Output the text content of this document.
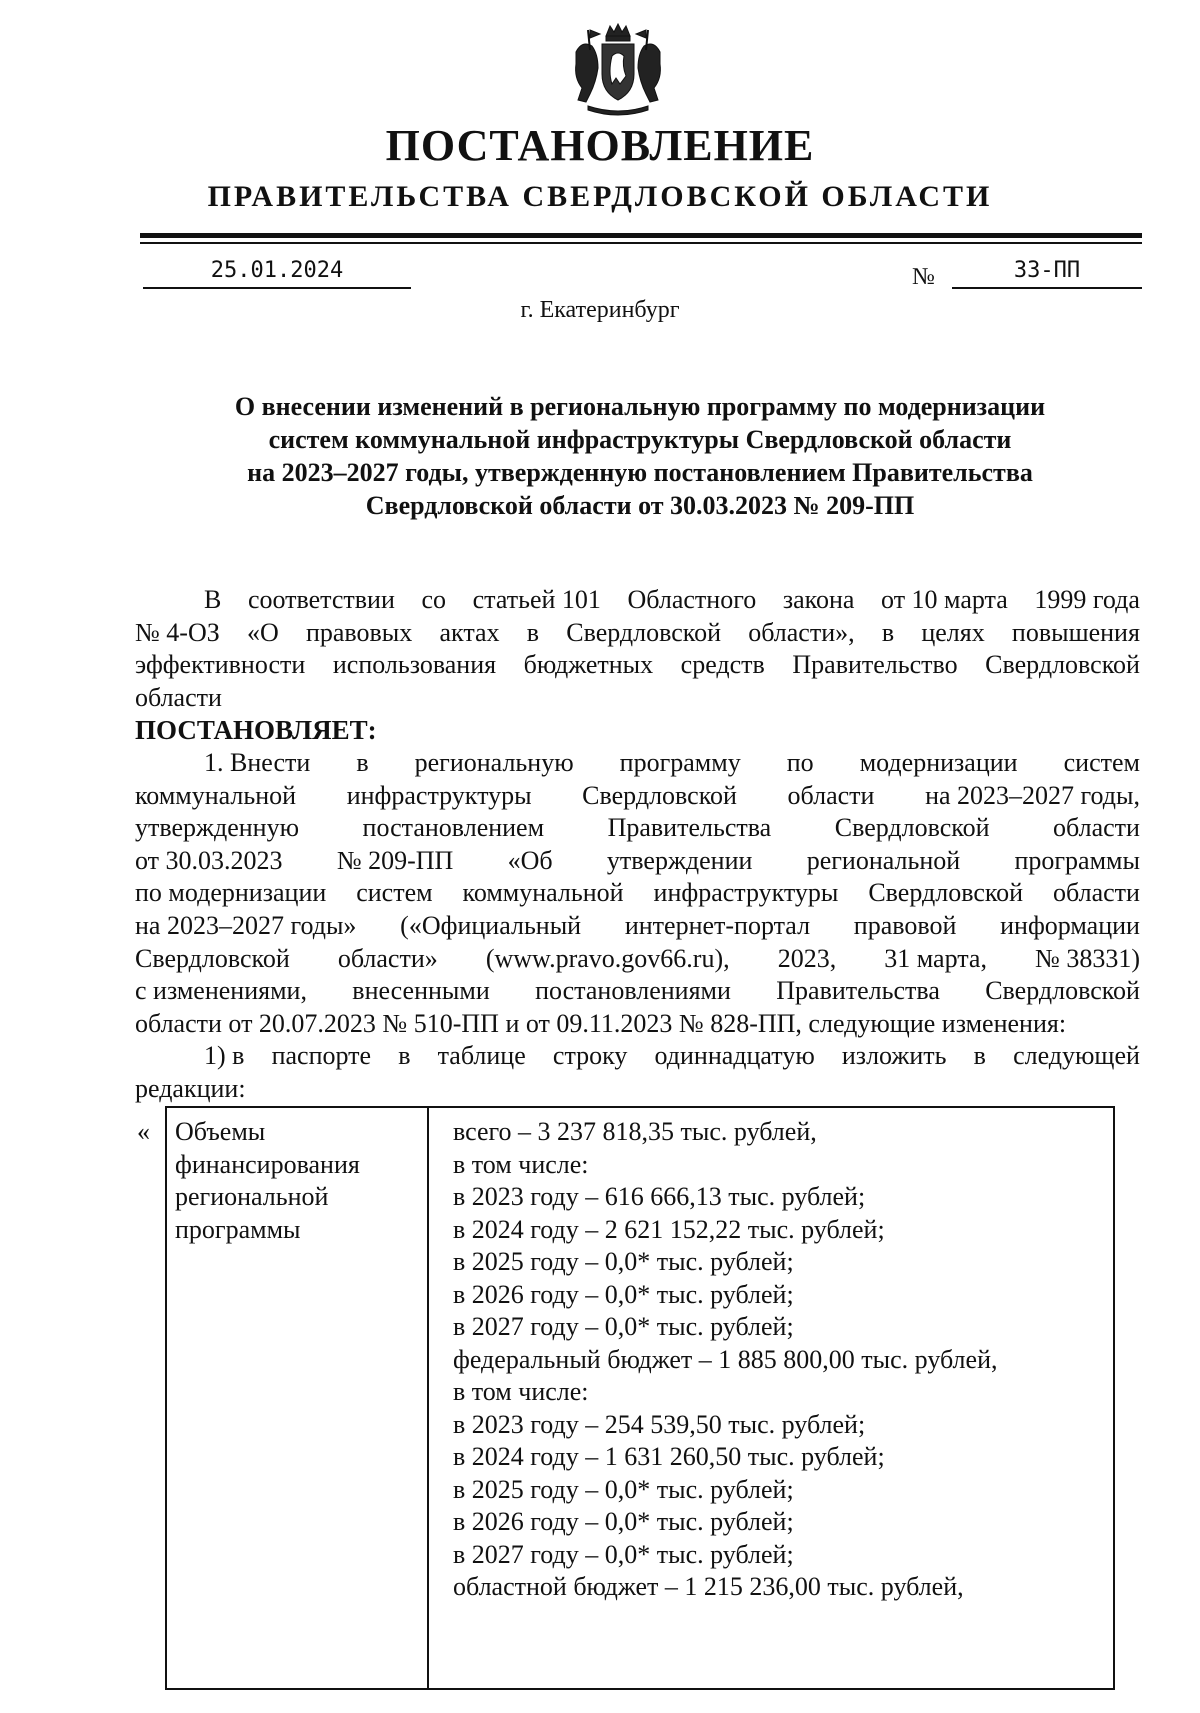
ПОСТАНОВЛЕНИЕ
ПРАВИТЕЛЬСТВА СВЕРДЛОВСКОЙ ОБЛАСТИ
25.01.2024	№	33-ПП
г. Екатеринбург
О внесении изменений в региональную программу по модернизации
систем коммунальной инфраструктуры Свердловской области
на 2023–2027 годы, утвержденную постановлением Правительства
Свердловской области от 30.03.2023 № 209-ПП
В соответствии со статьей 101 Областного закона от 10 марта 1999 года
№ 4-ОЗ «О правовых актах в Свердловской области», в целях повышения
эффективности использования бюджетных средств Правительство Свердловской
области
ПОСТАНОВЛЯЕТ:
1. Внести в региональную программу по модернизации систем
коммунальной инфраструктуры Свердловской области на 2023–2027 годы,
утвержденную постановлением Правительства Свердловской области
от 30.03.2023 № 209-ПП «Об утверждении региональной программы
по модернизации систем коммунальной инфраструктуры Свердловской области
на 2023–2027 годы» («Официальный интернет-портал правовой информации
Свердловской области» (www.pravo.gov66.ru), 2023, 31 марта, № 38331)
с изменениями, внесенными постановлениями Правительства Свердловской
области от 20.07.2023 № 510-ПП и от 09.11.2023 № 828-ПП, следующие изменения:
1) в паспорте в таблице строку одиннадцатую изложить в следующей
редакции:
« Объемы
финансирования
региональной
программы
всего – 3 237 818,35 тыс. рублей,
в том числе:
в 2023 году – 616 666,13 тыс. рублей;
в 2024 году – 2 621 152,22 тыс. рублей;
в 2025 году – 0,0* тыс. рублей;
в 2026 году – 0,0* тыс. рублей;
в 2027 году – 0,0* тыс. рублей;
федеральный бюджет – 1 885 800,00 тыс. рублей,
в том числе:
в 2023 году – 254 539,50 тыс. рублей;
в 2024 году – 1 631 260,50 тыс. рублей;
в 2025 году – 0,0* тыс. рублей;
в 2026 году – 0,0* тыс. рублей;
в 2027 году – 0,0* тыс. рублей;
областной бюджет – 1 215 236,00 тыс. рублей,
